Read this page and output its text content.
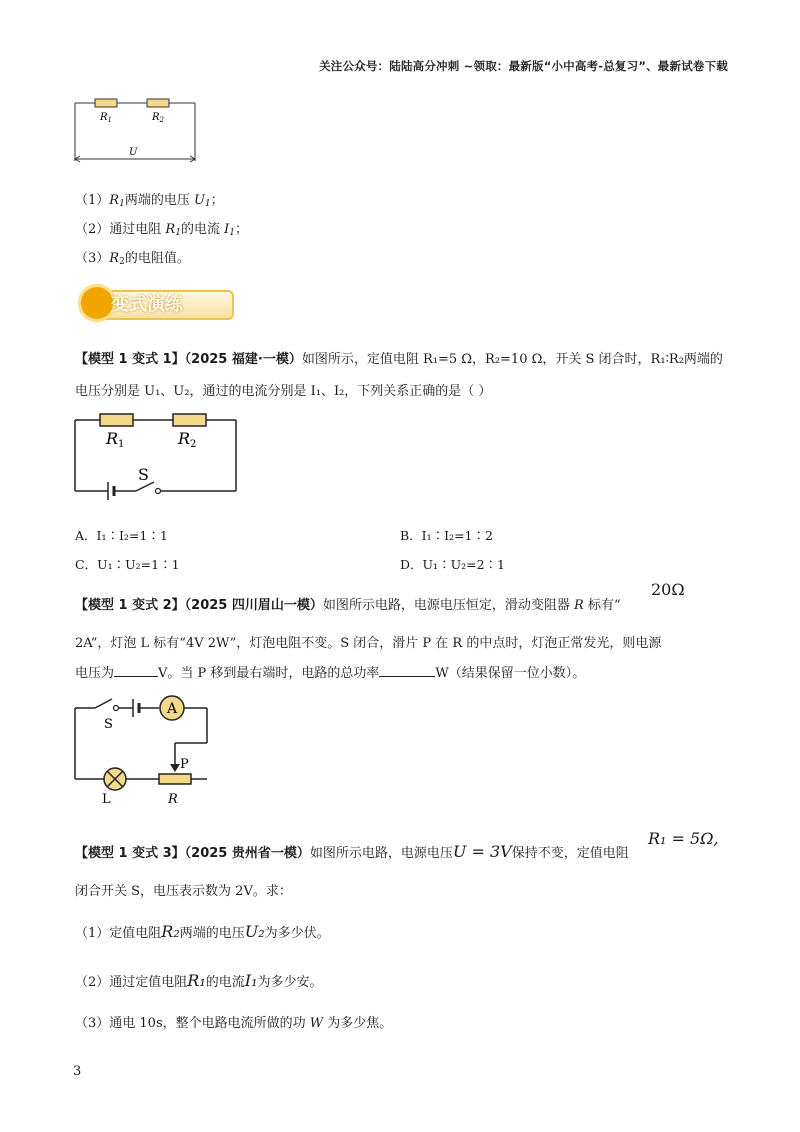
关注公众号：陆陆高分冲刺 ~领取：最新版“小中高考-总复习”、最新试卷下载
$R_1$	$R_2$
U
$(1)R_1$两端的电压 $U_1$；
（2）通过电阻 $R_1$的电流 $I_1$；
$(3)R_2$的电阻值。
变式演练
【模型 1 变式 1】（2025 福建·一模）如图所示，定值电阻 R₁=5 Ω，R₂=10 Ω，开关 S 闭合时，R₁∶R₂两端的
电压分别是 U₁、U₂，通过的电流分别是 I₁、I₂，下列关系正确的是（ ）
R1	R2
S
A．I₁∶I₂=1∶1	B．I₁∶I₂=1∶2
C．U₁∶U₂=1∶1	D．U₁∶U₂=2∶1
【模型 1 变式 2】（2025 四川眉山一模）如图所示电路，电源电压恒定，滑动变阻器 R 标有“
20Ω
2A”，灯泡 L 标有“4V 2W”，灯泡电阻不变。S 闭合，滑片 P 在 R 的中点时，灯泡正常发光，则电源
电压为	V。当 P 移到最右端时，电路的总功率	W（结果保留一位小数）。
A
S
P
L	R
【模型 1 变式 3】（2025 贵州省一模）如图所示电路，电源电压U = 3V保持不变，定值电阻
R₁ = 5Ω,
闭合开关 S，电压表示数为 2V。求：
（1）定值电阻R₂两端的电压U₂为多少伏。
（2）通过定值电阻R₁的电流I₁为多少安。
（3）通电 10s，整个电路电流所做的功 W 为多少焦。
3
